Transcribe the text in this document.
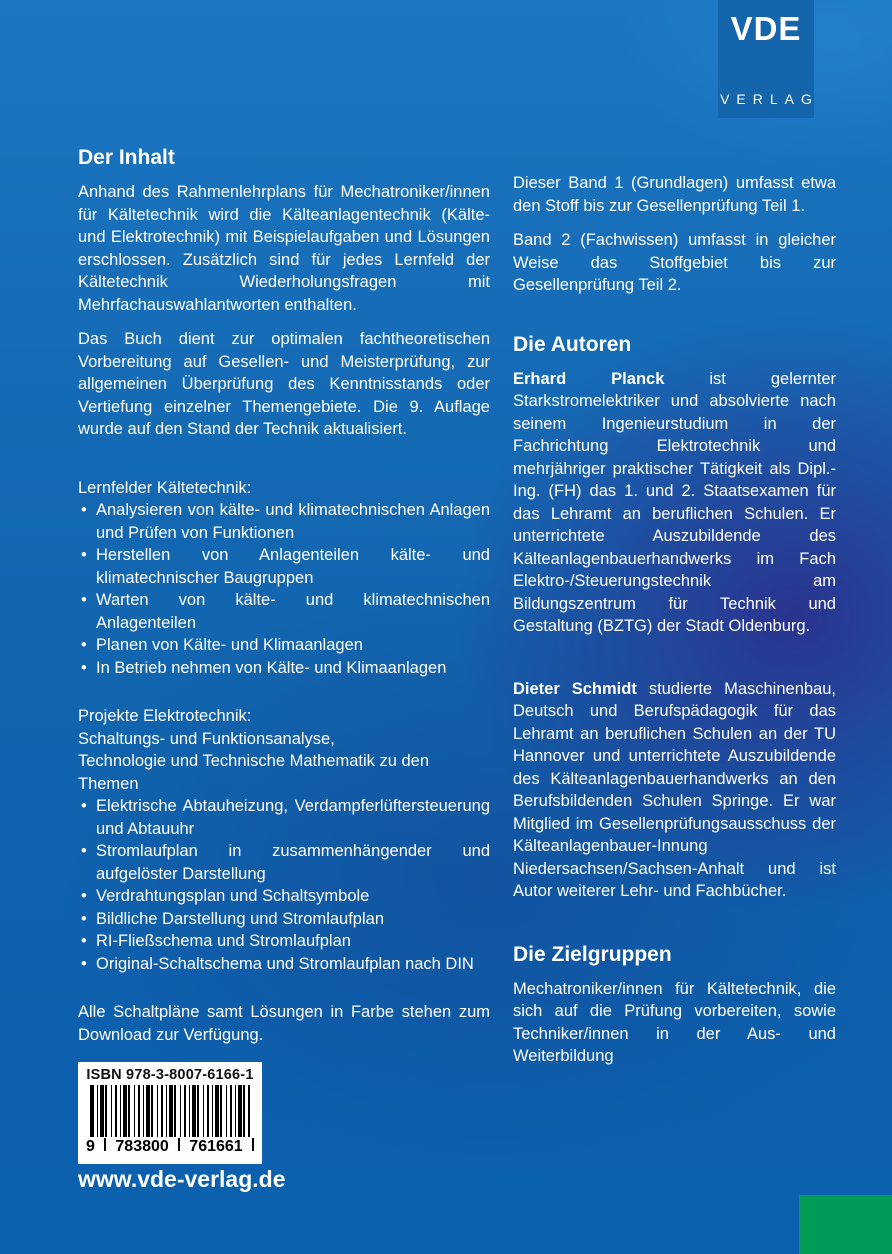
VDE
VERLAG
Der Inhalt

Anhand des Rahmenlehrplans für Mechatroniker/innen für Kältetechnik wird die Kälteanlagentechnik (Kälte- und Elektrotechnik) mit Beispielaufgaben und Lösungen erschlossen. Zusätzlich sind für jedes Lernfeld der Kältetechnik Wiederholungsfragen mit Mehrfachauswahlantworten enthalten.

Das Buch dient zur optimalen fachtheoretischen Vorbereitung auf Gesellen- und Meisterprüfung, zur allgemeinen Überprüfung des Kenntnisstands oder Vertiefung einzelner Themengebiete. Die 9. Auflage wurde auf den Stand der Technik aktualisiert.

Lernfelder Kältetechnik:

• Analysieren von kälte- und klimatechnischen Anlagen und Prüfen von Funktionen
• Herstellen von Anlagenteilen kälte- und klimatechnischer Baugruppen
• Warten von kälte- und klimatechnischen Anlagenteilen
• Planen von Kälte- und Klimaanlagen
• In Betrieb nehmen von Kälte- und Klimaanlagen

Projekte Elektrotechnik:

Schaltungs- und Funktionsanalyse,

Technologie und Technische Mathematik zu den Themen

• Elektrische Abtauheizung, Verdampferlüftersteuerung und Abtauuhr
• Stromlaufplan in zusammenhängender und aufgelöster Darstellung
• Verdrahtungsplan und Schaltsymbole
• Bildliche Darstellung und Stromlaufplan
• RI-Fließschema und Stromlaufplan
• Original-Schaltschema und Stromlaufplan nach DIN

Alle Schaltpläne samt Lösungen in Farbe stehen zum Download zur Verfügung.

Dieser Band 1 (Grundlagen) umfasst etwa den Stoff bis zur Gesellenprüfung Teil 1.

Band 2 (Fachwissen) umfasst in gleicher Weise das Stoffgebiet bis zur Gesellenprüfung Teil 2.

Die Autoren

Erhard Planck ist gelernter Starkstromelektriker und absolvierte nach seinem Ingenieurstudium in der Fachrichtung Elektrotechnik und mehrjähriger praktischer Tätigkeit als Dipl.-Ing. (FH) das 1. und 2. Staatsexamen für das Lehramt an beruflichen Schulen. Er unterrichtete Auszubildende des Kälteanlagenbauerhandwerks im Fach Elektro-/Steuerungstechnik am Bildungszentrum für Technik und Gestaltung (BZTG) der Stadt Oldenburg.

Dieter Schmidt studierte Maschinenbau, Deutsch und Berufspädagogik für das Lehramt an beruflichen Schulen an der TU Hannover und unterrichtete Auszubildende des Kälteanlagenbauerhandwerks an den Berufsbildenden Schulen Springe. Er war Mitglied im Gesellenprüfungsausschuss der Kälteanlagenbauer-Innung Niedersachsen/Sachsen-Anhalt und ist Autor weiterer Lehr- und Fachbücher.

Die Zielgruppen

Mechatroniker/innen für Kältetechnik, die sich auf die Prüfung vorbereiten, sowie Techniker/innen in der Aus- und Weiterbildung

ISBN 978-3-8007-6166-1
9 783800 761661
www.vde-verlag.de
